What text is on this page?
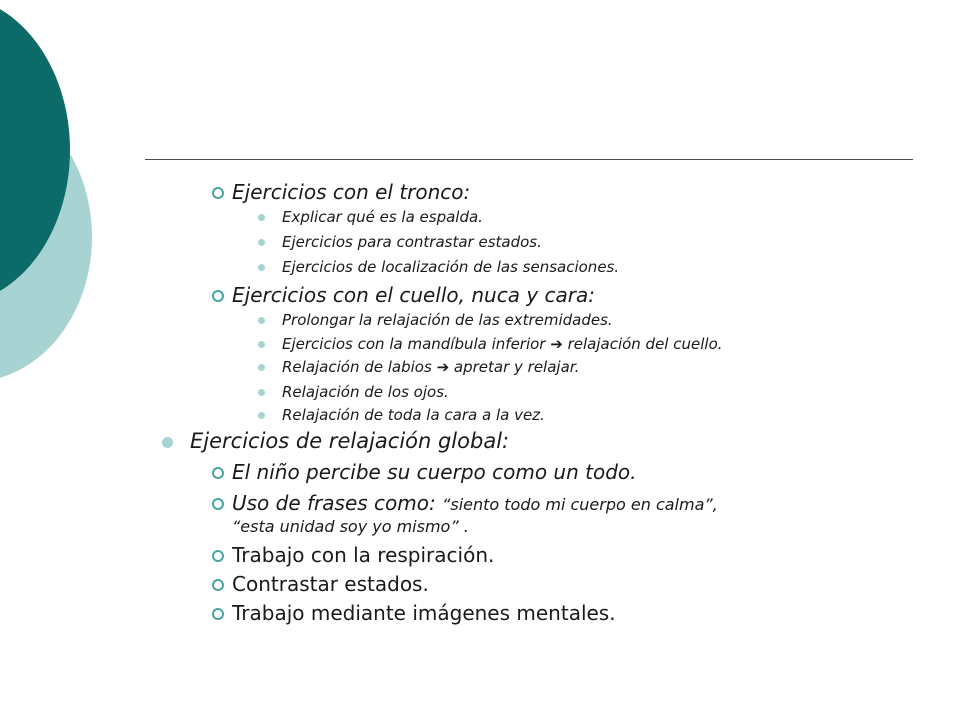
Ejercicios con el tronco:
Explicar qué es la espalda.
Ejercicios para contrastar estados.
Ejercicios de localización de las sensaciones.
Ejercicios con el cuello, nuca y cara:
Prolongar la relajación de las extremidades.
Ejercicios con la mandíbula inferior ➔ relajación del cuello.
Relajación de labios ➔ apretar y relajar.
Relajación de los ojos.
Relajación de toda la cara a la vez.
Ejercicios de relajación global:
El niño percibe su cuerpo como un todo.
Uso de frases como: “siento todo mi cuerpo en calma”,
“esta unidad soy yo mismo” .
Trabajo con la respiración.
Contrastar estados.
Trabajo mediante imágenes mentales.
